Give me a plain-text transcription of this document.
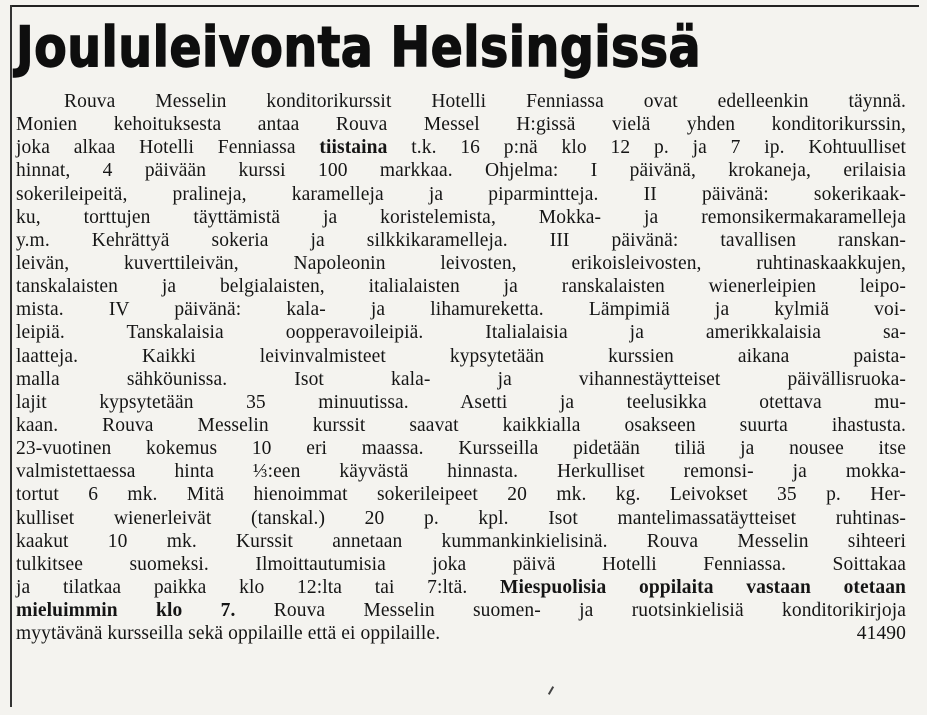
Joululeivonta Helsingissä
Rouva Messelin konditorikurssit Hotelli Fenniassa ovat edelleenkin täynnä.
Monien kehoituksesta antaa Rouva Messel H:gissä vielä yhden konditorikurssin,
joka alkaa Hotelli Fenniassa tiistaina t.k. 16 p:nä klo 12 p. ja 7 ip. Kohtuulliset
hinnat, 4 päivään kurssi 100 markkaa. Ohjelma: I päivänä, krokaneja, erilaisia
sokerileipeitä, pralineja, karamelleja ja piparmintteja. II päivänä: sokerikaak-
ku, torttujen täyttämistä ja koristelemista, Mokka- ja remonsikermakaramelleja
y.m. Kehrättyä sokeria ja silkkikaramelleja. III päivänä: tavallisen ranskan-
leivän, kuverttileivän, Napoleonin leivosten, erikoisleivosten, ruhtinaskaakkujen,
tanskalaisten ja belgialaisten, italialaisten ja ranskalaisten wienerleipien leipo-
mista. IV päivänä: kala- ja lihamureketta. Lämpimiä ja kylmiä voi-
leipiä. Tanskalaisia oopperavoileipiä. Italialaisia ja amerikkalaisia sa-
laatteja. Kaikki leivinvalmisteet kypsytetään kurssien aikana paista-
malla sähköunissa. Isot kala- ja vihannestäytteiset päivällisruoka-
lajit kypsytetään 35 minuutissa. Asetti ja teelusikka otettava mu-
kaan. Rouva Messelin kurssit saavat kaikkialla osakseen suurta ihastusta.
23-vuotinen kokemus 10 eri maassa. Kursseilla pidetään tiliä ja nousee itse
valmistettaessa hinta ⅓:een käyvästä hinnasta. Herkulliset remonsi- ja mokka-
tortut 6 mk. Mitä hienoimmat sokerileipeet 20 mk. kg. Leivokset 35 p. Her-
kulliset wienerleivät (tanskal.) 20 p. kpl. Isot mantelimassatäytteiset ruhtinas-
kaakut 10 mk. Kurssit annetaan kummankinkielisinä. Rouva Messelin sihteeri
tulkitsee suomeksi. Ilmoittautumisia joka päivä Hotelli Fenniassa. Soittakaa
ja tilatkaa paikka klo 12:lta tai 7:ltä. Miespuolisia oppilaita vastaan otetaan
mieluimmin klo 7. Rouva Messelin suomen- ja ruotsinkielisiä konditorikirjoja
myytävänä kursseilla sekä oppilaille että ei oppilaille.	41490
